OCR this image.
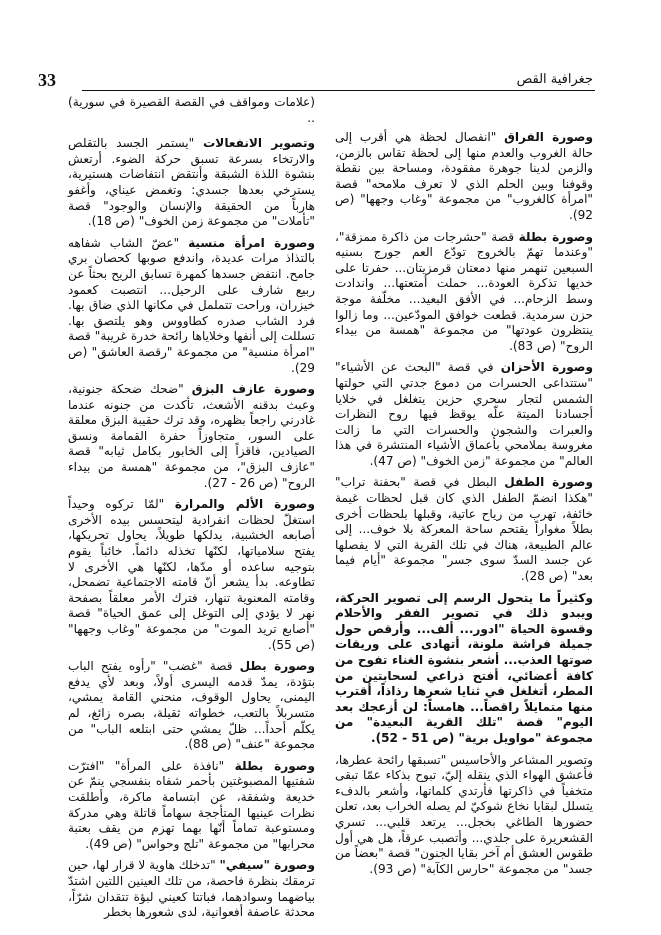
33	جغرافية القص

وصورة الفراق "انفصال لحظة هي أقرب إلى حالة الغروب والعدم منها إلى لحظة تقاس بالزمن، والزمن لدينا جوهرة مفقودة، ومساحة بين نقطة وقوفنا وبين الحلم الذي لا تعرف ملامحه" قصة "امرأة كالغروب" من مجموعة "وغاب وجهها" (ص 92).

وصورة بطلة قصة "حشرجات من ذاكرة ممزقة"، "وعندما تهمّ بالخروج تودّع العم جورج بسنيه السبعين تنهمر منها دمعتان قرمزيتان... حفرتا على خديها تذكرة العودة... حملت أمتعتها... واندادت وسط الزحام... في الأفق البعيد... مخلّفة موجة حزن سرمدية. قطعت خوافق المودّعين... وما زالوا ينتظرون عودتها" من مجموعة "همسة من بيداء الروح" (ص 83).

وصورة الأحزان في قصة "البحث عن الأشياء" "ستتداعى الحسرات من دموع جدتي التي حولتها الشمس لتجار سحري حزين يتغلغل في خلايا أجسادنا الميتة علّه يوقظ فيها روح النظرات والعبرات والشجون والحسرات التي ما زالت مغروسة بملامحي بأعماق الأشياء المنتشرة في هذا العالم" من مجموعة "زمن الخوف" (ص 47).

وصورة الطفل البطل في قصة "بحفنة تراب" "هكذا انضمّ الطفل الذي كان قبل لحظات غيمة خائفة، تهرب من رياح عاتية، وقبلها بلحظات أخرى بطلاً مغواراً يقتحم ساحة المعركة بلا خوف... إلى عالم الطبيعة، هناك في تلك القرية التي لا يفصلها عن جسد السدّ سوى جسر" مجموعة "أيام فيما بعد" (ص 28).

وكثيراً ما يتحول الرسم إلى تصوير الحركة، ويبدو ذلك في تصوير الفقر والأحلام وقسوة الحياة "ادور... ألف... وأرقص حول جميلة فراشة ملونة، أتهادى على وريقات صوتها العذب... أشعر بنشوة الغناء تفوح من كافة أعضائي، أفتح ذراعي لسحابتين من المطر، أتغلغل في ثنايا شعرها رذاذاً، أقترب منها متمايلاً راقصاً... هامساً: لن أزعجك بعد اليوم" قصة "تلك القرية البعيدة" من مجموعة "مواويل برية" (ص 51 - 52).

وتصوير المشاعر والأحاسيس "تسبقها رائحة عطرها، فأعشق الهواء الذي ينقله إليّ، تبوح بذكاء عمّا تبقى متخفياً في ذاكرتها فأرتدي كلماتها، وأشعر بالدفء يتسلل لبقايا نخاع شوكيّ لم يصله الخراب بعد، تعلن حضورها الطاغي بخجل... يرتعد قلبي... تسري القشعريرة على جلدي... وأتصبب عرقاً، هل هي أول طقوس العشق أم آخر بقايا الجنون" قصة "بعضاً من جسد" من مجموعة "حارس الكآبة" (ص 93).

(علامات ومواقف في القصة القصيرة في سورية) ..

وتصوير الانفعالات "يستمر الجسد بالتقلص والارتخاء بسرعة تسبق حركة الضوء. أرتعش بنشوة اللذة الشبقة وأنتقض انتفاضات هستيرية، يسترخي بعدها جسدي: وتغمض عيناي، وأغفو هارباً من الحقيقة والإنسان والوجود" قصة "تأملات" من مجموعة زمن الخوف" (ص 18).

وصورة امرأة منسية "عضّ الشاب شفاهه بالتذاذ مرات عديدة، واندفع صوبها كحصان بري جامح. انتفض جسدها كمهرة تسابق الريح بحثاً عن ربيع شارف على الرحيل... انتصبت كعمود خيزران، وراحت تتململ في مكانها الذي ضاق بها. فرد الشاب صدره كطاووس وهو يلتصق بها. تسللت إلى أنفها وخلاياها رائحة خدرة غريبة" قصة "امرأة منسية" من مجموعة "رقصة العاشق" (ص 29).

وصورة عازف البزق "ضحك ضحكة جنونية، وعبث بدقنه الأشعث، تأكدت من جنونه عندما غادرني راجعاً بظهره، وقد ترك حقيبة البزق معلقة على السور، متجاوزاً حفرة القمامة ونسق الصيادين، فاقزاً إلى الخابور بكامل ثيابه" قصة "عازف البزق"، من مجموعة "همسة من بيداء الروح" (ص 26 - 27).

وصورة الألم والمرارة "لمّا تركوه وحيداً استغلّ لحظات انفرادية ليتحسس بيده الأخرى أصابعه الخشبية، يدلكها طويلاً، يحاول تحريكها، يفتح سلامياتها، لكنّها تخذله دائماً. خائباً يقوم بتوجيه ساعده أو مدّها، لكنّها هي الأخرى لا تطاوعه. بدأ يشعر أنّ قامته الاجتماعية تضمحل، وقامته المعنوية تنهار، فترك الأمر معلقاً بصفحة نهر لا يؤدي إلى التوغل إلى عمق الحياة" قصة "أصابع تريد الموت" من مجموعة "وغاب وجهها" (ص 55).

وصورة بطل قصة "غضب" "رأوه يفتح الباب بتؤدة، يمدّ قدمه اليسرى أولاً، وبعد لأي يدفع اليمنى، يحاول الوقوف، منحني القامة يمشي، متسربلاً بالتعب، خطواته ثقيلة، بصره زائغ، لم يكلّم أحداً... ظلّ يمشي حتى ابتلعه الباب" من مجموعة "عنف" (ص 88).

وصورة بطلة "نافذة على المرأة" "افترّت شفتيها المصبوغتين بأحمر شفاه بنفسجي ينمّ عن خديعة وشفقة، عن ابتسامة ماكرة، وأطلقت نظرات عينيها المتأججة سهاماً قاتلة وهي مدركة ومستوعبة تماماً أنّها بهما تهزم من يقف بعتبة محرابها" من مجموعة "تلج وحواس" (ص 49).

وصورة "سيفي" "تدخلك هاوية لا قرار لها، حين ترمقك بنظرة فاحصة، من تلك العينين اللتين اشتدّ بياضهما وسوادهما، فباتتا كعيني لبؤة تتقدان شرّاً، محدثة عاصفة أفعوانية، لدى شعورها بخطر
